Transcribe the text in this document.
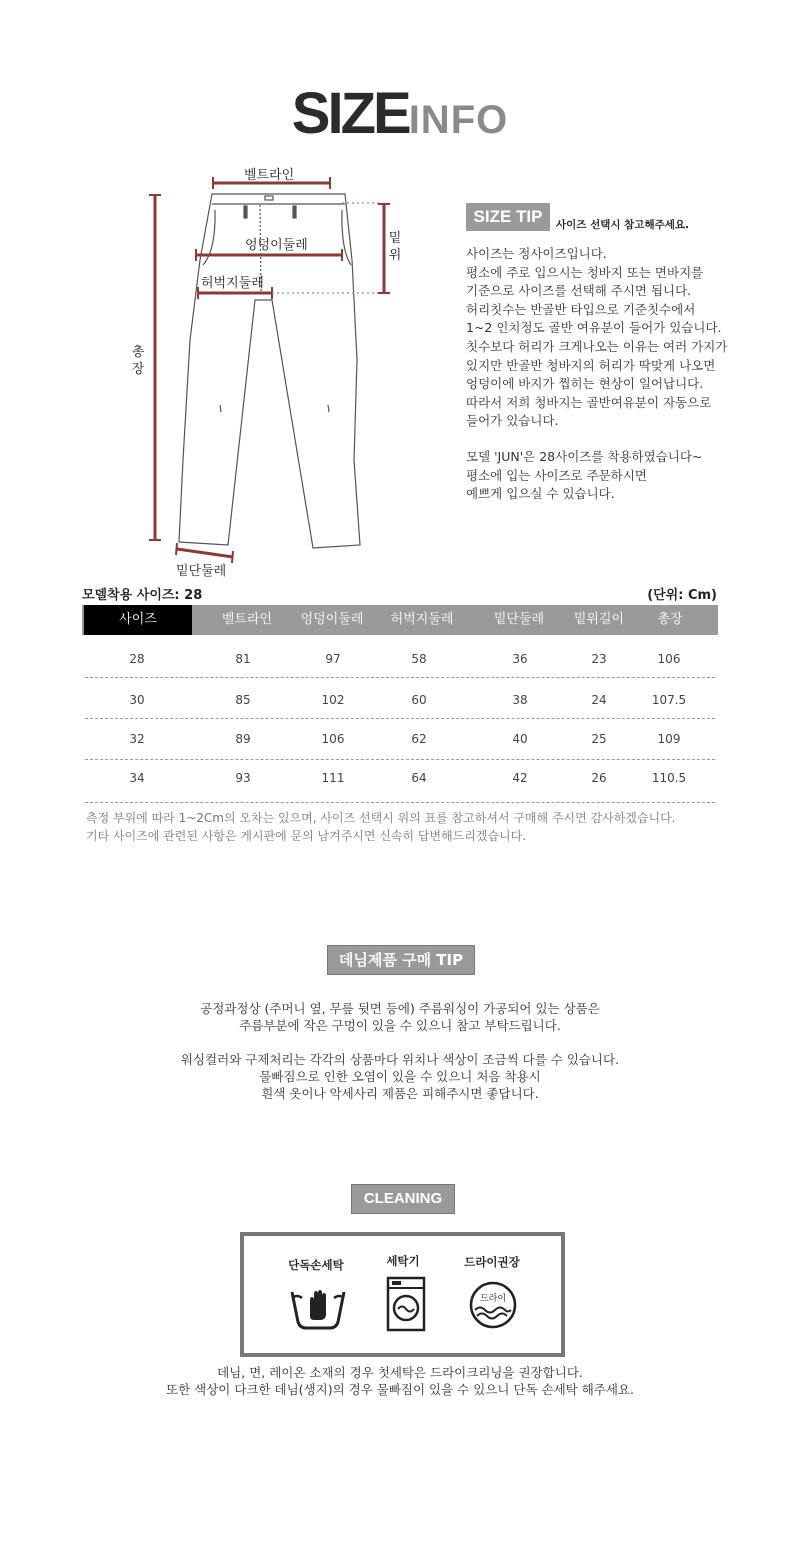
SIZEINFO
벨트라인
엉덩이둘레
허벅지둘레
밑단둘레
밑
위
총
장
SIZE TIP	사이즈 선택시 참고해주세요.
사이즈는 정사이즈입니다.
평소에 주로 입으시는 청바지 또는 면바지를
기준으로 사이즈를 선택해 주시면 됩니다.
허리칫수는 반골반 타입으로 기준칫수에서
1~2 인치정도 골반 여유분이 들어가 있습니다.
칫수보다 허리가 크게나오는 이유는 여러 가지가
있지만 반골반 청바지의 허리가 딱맞게 나오면
엉덩이에 바지가 찝히는 현상이 일어납니다.
따라서 저희 청바지는 골반여유분이 자동으로
들어가 있습니다.
모델 'JUN'은 28사이즈를 착용하였습니다~
평소에 입는 사이즈로 주문하시면
예쁘게 입으실 수 있습니다.
모델착용 사이즈: 28	(단위: Cm)
사이즈	벨트라인	엉덩이둘레	허벅지둘레	밑단둘레	밑위길이	총장
28	81	97	58	36	23	106
30	85	102	60	38	24	107.5
32	89	106	62	40	25	109
34	93	111	64	42	26	110.5
측정 부위에 따라 1~2Cm의 오차는 있으며, 사이즈 선택시 위의 표를 참고하셔서 구매해 주시면 감사하겠습니다.
기타 사이즈에 관련된 사항은 게시판에 문의 남겨주시면 신속히 답변해드리겠습니다.
데님제품 구매 TIP
공정과정상 (주머니 옆, 무릎 뒷면 등에) 주름워싱이 가공되어 있는 상품은
주름부분에 작은 구멍이 있을 수 있으니 참고 부탁드립니다.
워싱컬러와 구제처리는 각각의 상품마다 위치나 색상이 조금씩 다를 수 있습니다.
물빠짐으로 인한 오염이 있을 수 있으니 처음 착용시
흰색 옷이나 악세사리 제품은 피해주시면 좋답니다.
CLEANING
단독손세탁	세탁기	드라이권장
드라이
데님, 면, 레이온 소재의 경우 첫세탁은 드라이크리닝을 권장합니다.
또한 색상이 다크한 데님(생지)의 경우 물빠짐이 있을 수 있으니 단독 손세탁 해주세요.
